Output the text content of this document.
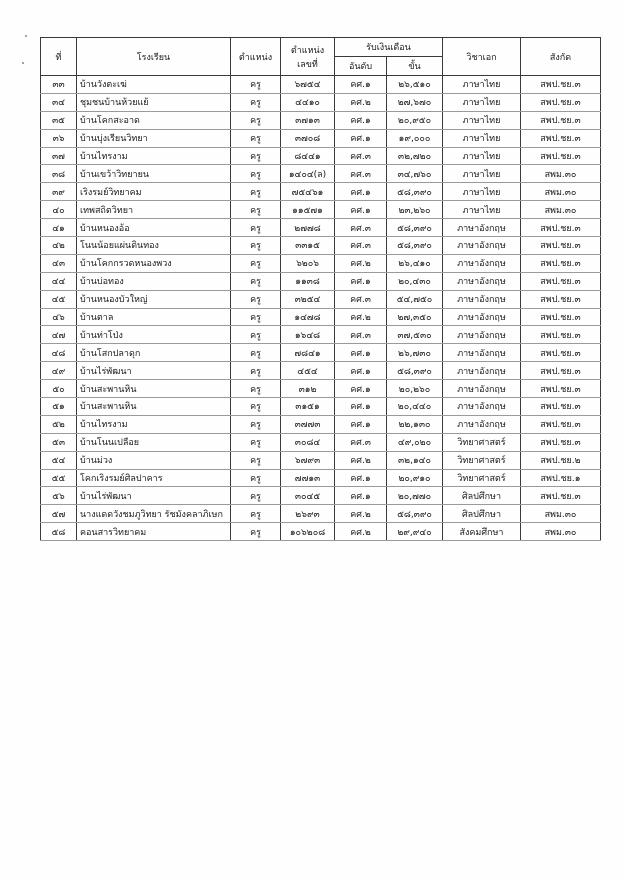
ที่	โรงเรียน	ตำแหน่ง	ตำแหน่ง
เลขที่	รับเงินเดือน		วิชาเอก	สังกัด
				อันดับ	ขั้น		
๓๓	บ้านวังตะเฆ่	ครู	๖๗๕๔	คศ.๑	๒๖,๕๑๐	ภาษาไทย	สพป.ชย.๓
๓๔	ชุมชนบ้านห้วยแย้	ครู	๔๔๑๐	คศ.๒	๒๗,๖๗๐	ภาษาไทย	สพป.ชย.๓
๓๕	บ้านโคกสะอาด	ครู	๓๗๑๓	คศ.๑	๒๐,๙๕๐	ภาษาไทย	สพป.ชย.๓
๓๖	บ้านบุ่งเรียนวิทยา	ครู	๓๗๐๘	คศ.๑	๑๙,๐๐๐	ภาษาไทย	สพป.ชย.๓
๓๗	บ้านไทรงาม	ครู	๘๔๔๑	คศ.๓	๓๒,๗๒๐	ภาษาไทย	สพป.ชย.๓
๓๘	บ้านเขว้าวิทยายน	ครู	๑๔๐๔(ล)	คศ.๓	๓๔,๗๖๐	ภาษาไทย	สพม.๓๐
๓๙	เริงรมย์วิทยาคม	ครู	๗๕๔๖๑	คศ.๑	๕๘,๓๙๐	ภาษาไทย	สพม.๓๐
๔๐	เทพสถิตวิทยา	ครู	๑๑๕๗๑	คศ.๑	๒๓,๒๖๐	ภาษาไทย	สพม.๓๐
๔๑	บ้านหนองอ้อ	ครู	๒๗๗๘	คศ.๓	๕๘,๓๙๐	ภาษาอังกฤษ	สพป.ชย.๓
๔๒	โนนน้อยแผ่นดินทอง	ครู	๓๓๑๕	คศ.๓	๕๘,๓๙๐	ภาษาอังกฤษ	สพป.ชย.๓
๔๓	บ้านโคกกรวดหนองพวง	ครู	๖๒๐๖	คศ.๒	๒๖,๔๑๐	ภาษาอังกฤษ	สพป.ชย.๓
๔๔	บ้านบ่อทอง	ครู	๑๑๓๘	คศ.๑	๒๐,๔๓๐	ภาษาอังกฤษ	สพป.ชย.๓
๔๕	บ้านหนองบัวใหญ่	ครู	๓๒๕๔	คศ.๓	๕๔,๗๕๐	ภาษาอังกฤษ	สพป.ชย.๓
๔๖	บ้านตาล	ครู	๑๔๗๘	คศ.๒	๒๗,๓๕๐	ภาษาอังกฤษ	สพป.ชย.๓
๔๗	บ้านท่าโป่ง	ครู	๑๖๔๘	คศ.๓	๓๗,๕๓๐	ภาษาอังกฤษ	สพป.ชย.๓
๔๘	บ้านโสกปลาดุก	ครู	๗๘๔๑	คศ.๑	๒๖,๗๓๐	ภาษาอังกฤษ	สพป.ชย.๓
๔๙	บ้านไร่พัฒนา	ครู	๔๕๔	คศ.๑	๕๘,๓๙๐	ภาษาอังกฤษ	สพป.ชย.๓
๕๐	บ้านสะพานหิน	ครู	๓๑๒	คศ.๑	๒๐,๒๖๐	ภาษาอังกฤษ	สพป.ชย.๓
๕๑	บ้านสะพานหิน	ครู	๓๑๕๑	คศ.๑	๒๐,๔๔๐	ภาษาอังกฤษ	สพป.ชย.๓
๕๒	บ้านไทรงาม	ครู	๓๗๗๓	คศ.๑	๒๒,๑๓๐	ภาษาอังกฤษ	สพป.ชย.๓
๕๓	บ้านโนนเปลือย	ครู	๓๐๘๔	คศ.๓	๔๙,๐๒๐	วิทยาศาสตร์	สพป.ชย.๓
๕๔	บ้านม่วง	ครู	๖๗๙๓	คศ.๒	๓๒,๑๔๐	วิทยาศาสตร์	สพป.ชย.๒
๕๕	โคกเริงรมย์ศิลปาคาร	ครู	๗๗๑๓	คศ.๑	๒๐,๙๑๐	วิทยาศาสตร์	สพป.ชย.๑
๕๖	บ้านไร่พัฒนา	ครู	๓๐๔๕	คศ.๑	๒๐,๗๗๐	ศิลปศึกษา	สพป.ชย.๓
๕๗	นางแดดวังชมภูวิทยา รัชมังคลาภิเษก	ครู	๒๖๙๓	คศ.๒	๕๘,๓๙๐	ศิลปศึกษา	สพม.๓๐
๕๘	คอนสารวิทยาคม	ครู	๑๐๖๒๐๘	คศ.๒	๒๙,๙๔๐	สังคมศึกษา	สพม.๓๐
